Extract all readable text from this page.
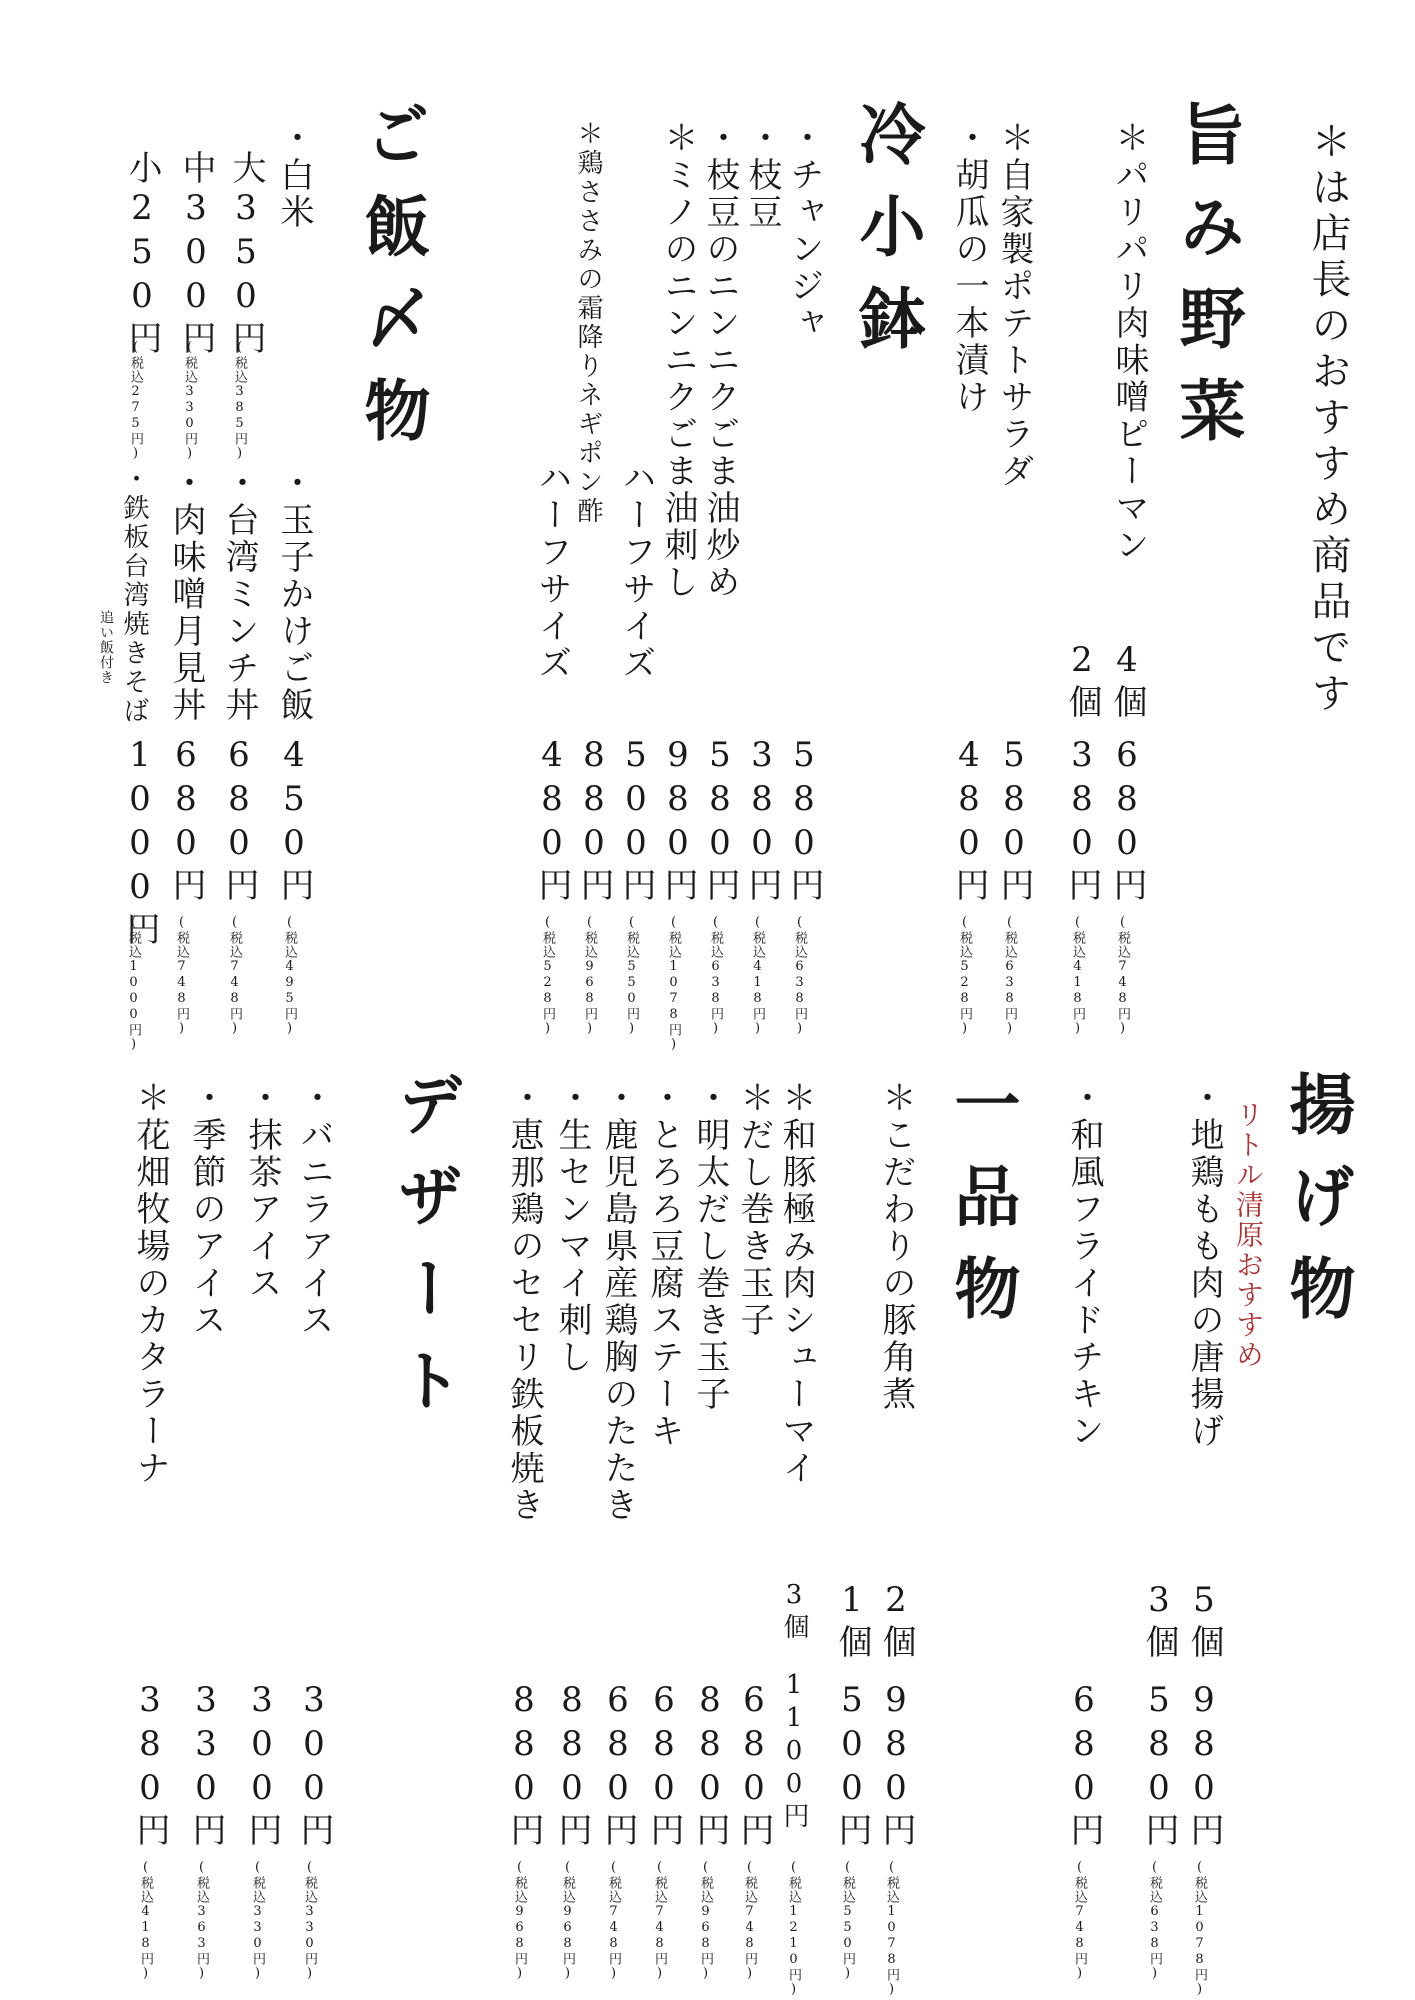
＊は店長のおすすめ商品です
旨み野菜
＊パリパリ肉味噌ピーマン
4個
680円
(税込748円)
2個
380円
(税込418円)
＊自家製ポテトサラダ
580円
(税込638円)
・胡瓜の一本漬け
480円
(税込528円)
冷小鉢
・チャンジャ
580円
(税込638円)
・枝豆
380円
(税込418円)
・枝豆のニンニクごま油炒め
580円
(税込638円)
＊ミノのニンニクごま油刺し
980円
(税込1078円)
ハーフサイズ
500円
(税込550円)
＊鶏ささみの霜降りネギポン酢
880円
(税込968円)
ハーフサイズ
480円
(税込528円)
ご飯〆物
・白米
大350円
(税込385円)
中300円
(税込330円)
小250円
(税込275円)
・玉子かけご飯
450円
(税込495円)
・台湾ミンチ丼
680円
(税込748円)
・肉味噌月見丼
680円
(税込748円)
・鉄板台湾焼きそば
追い飯付き
1000円
(税込1000円)
揚げ物
リトル清原おすすめ
・地鶏もも肉の唐揚げ
5個
980円
(税込1078円)
3個
580円
(税込638円)
・和風フライドチキン
680円
(税込748円)
一品物
＊こだわりの豚角煮
2個
980円
(税込1078円)
1個
500円
(税込550円)
＊和豚極み肉シューマイ
3個
1100円
(税込1210円)
＊だし巻き玉子
680円
(税込748円)
・明太だし巻き玉子
880円
(税込968円)
・とろろ豆腐ステーキ
680円
(税込748円)
・鹿児島県産鶏胸のたたき
680円
(税込748円)
・生センマイ刺し
880円
(税込968円)
・恵那鶏のセセリ鉄板焼き
880円
(税込968円)
デザート
・バニラアイス
300円
(税込330円)
・抹茶アイス
300円
(税込330円)
・季節のアイス
330円
(税込363円)
＊花畑牧場のカタラーナ
380円
(税込418円)
